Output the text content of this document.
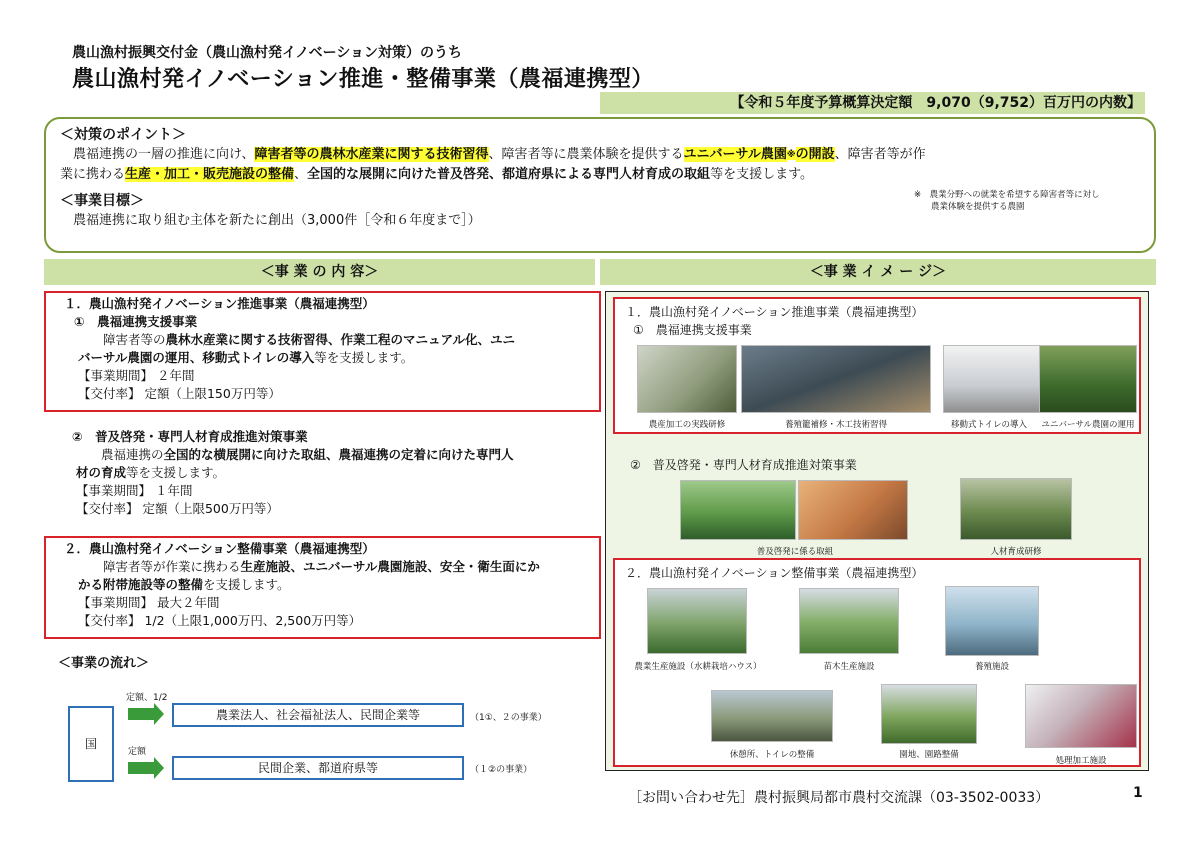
農山漁村振興交付金（農山漁村発イノベーション対策）のうち
農山漁村発イノベーション推進・整備事業（農福連携型）
【令和５年度予算概算決定額　9,070（9,752）百万円の内数】
＜対策のポイント＞
　農福連携の一層の推進に向け、障害者等の農林水産業に関する技術習得、障害者等に農業体験を提供するユニバーサル農園※の開設、障害者等が作
業に携わる生産・加工・販売施設の整備、全国的な展開に向けた普及啓発、都道府県による専門人材育成の取組等を支援します。
※　農業分野への就業を希望する障害者等に対し
　　農業体験を提供する農園
＜事業目標＞
　農福連携に取り組む主体を新たに創出（3,000件［令和６年度まで］）
＜事 業 の 内 容＞	＜事 業 イ メ ー ジ＞
１．農山漁村発イノベーション推進事業（農福連携型）
①　農福連携支援事業
　　障害者等の農林水産業に関する技術習得、作業工程のマニュアル化、ユニ
バーサル農園の運用、移動式トイレの導入等を支援します。
【事業期間】 ２年間
【交付率】 定額（上限150万円等）
②　普及啓発・専門人材育成推進対策事業
　　農福連携の全国的な横展開に向けた取組、農福連携の定着に向けた専門人
材の育成等を支援します。
【事業期間】 １年間
【交付率】 定額（上限500万円等）
２．農山漁村発イノベーション整備事業（農福連携型）
　　障害者等が作業に携わる生産施設、ユニバーサル農園施設、安全・衛生面にか
かる附帯施設等の整備を支援します。
【事業期間】 最大２年間
【交付率】 1/2（上限1,000万円、2,500万円等）
＜事業の流れ＞
国
定額、1/2
農業法人、社会福祉法人、民間企業等	（1①、２の事業）
定額
民間企業、都道府県等	（１②の事業）
１．農山漁村発イノベーション推進事業（農福連携型）
①　農福連携支援事業
農産加工の実践研修	養殖籠補修・木工技術習得	移動式トイレの導入	ユニバーサル農園の運用
②　普及啓発・専門人材育成推進対策事業
普及啓発に係る取組	人材育成研修
２．農山漁村発イノベーション整備事業（農福連携型）
農業生産施設（水耕栽培ハウス）	苗木生産施設	養殖施設
休憩所、トイレの整備	園地、園路整備
処理加工施設
［お問い合わせ先］農村振興局都市農村交流課（03-3502-0033）	1
